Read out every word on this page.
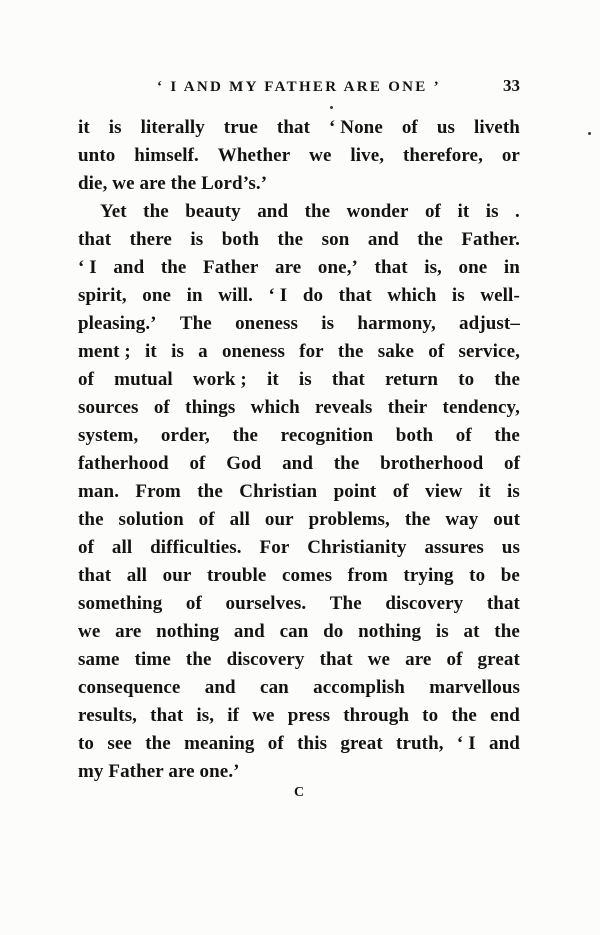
‘ I AND MY FATHER ARE ONE ’	33
it is literally true that ‘ None of us liveth
unto himself. Whether we live, therefore, or
die, we are the Lord’s.’
Yet the beauty and the wonder of it is .
that there is both the son and the Father.
‘ I and the Father are one,’ that is, one in
spirit, one in will. ‘ I do that which is well-
pleasing.’ The oneness is harmony, adjust–
ment ; it is a oneness for the sake of service,
of mutual work ; it is that return to the
sources of things which reveals their tendency,
system, order, the recognition both of the
fatherhood of God and the brotherhood of
man. From the Christian point of view it is
the solution of all our problems, the way out
of all difficulties. For Christianity assures us
that all our trouble comes from trying to be
something of ourselves. The discovery that
we are nothing and can do nothing is at the
same time the discovery that we are of great
consequence and can accomplish marvellous
results, that is, if we press through to the end
to see the meaning of this great truth, ‘ I and
my Father are one.’
C
